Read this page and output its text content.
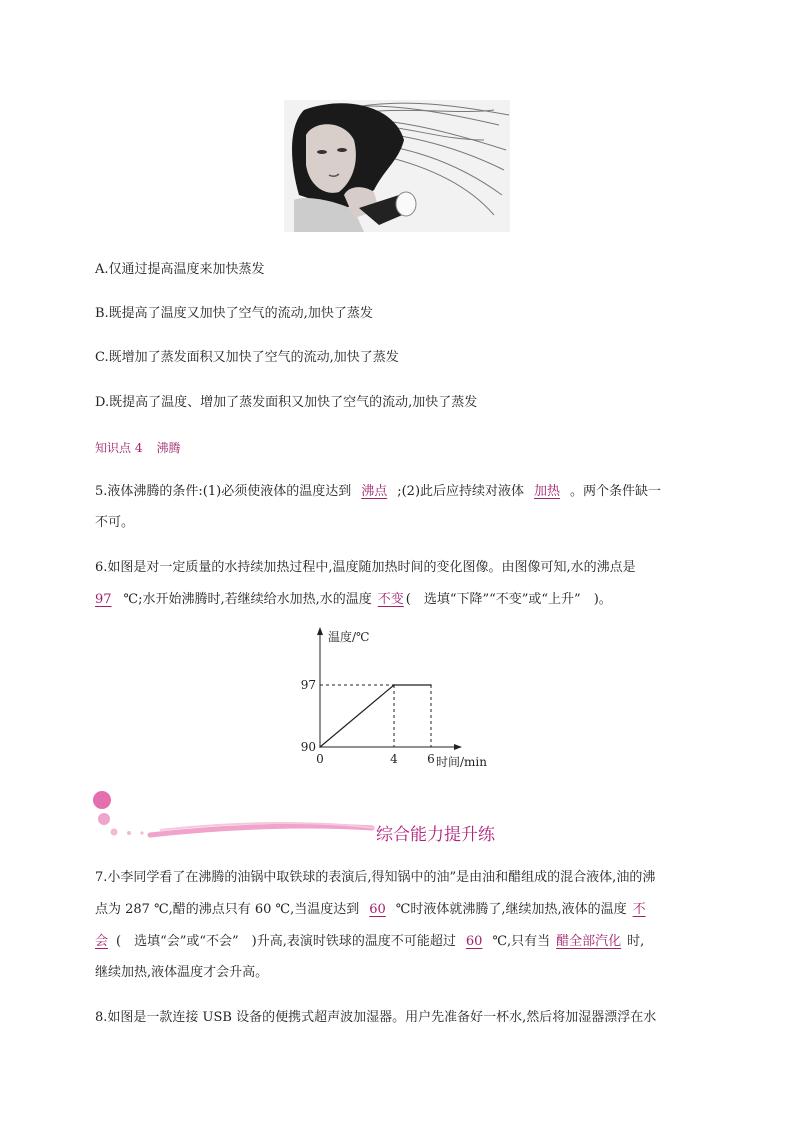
A.仅通过提高温度来加快蒸发
B.既提高了温度又加快了空气的流动,加快了蒸发
C.既增加了蒸发面积又加快了空气的流动,加快了蒸发
D.既提高了温度、增加了蒸发面积又加快了空气的流动,加快了蒸发
知识点 4 沸腾
5.液体沸腾的条件:(1)必须使液体的温度达到 沸点 ;(2)此后应持续对液体 加热 。两个条件缺一
不可。
6.如图是对一定质量的水持续加热过程中,温度随加热时间的变化图像。由图像可知,水的沸点是
97 ℃;水开始沸腾时,若继续给水加热,水的温度 不变 (　选填“下降”“不变”或“上升”　)。
温度/℃
时间/min
90
97
0	4 6
综合能力提升练
7.小李同学看了在沸腾的油锅中取铁球的表演后,得知锅中的油”是由油和醋组成的混合液体,油的沸
点为 287 ℃,醋的沸点只有 60 ℃,当温度达到 60 ℃时液体就沸腾了,继续加热,液体的温度 不
会 (　选填“会”或“不会”　)升高,表演时铁球的温度不可能超过 60 ℃,只有当 醋全部汽化 时,
继续加热,液体温度才会升高。
8.如图是一款连接 USB 设备的便携式超声波加湿器。用户先准备好一杯水,然后将加湿器漂浮在水
